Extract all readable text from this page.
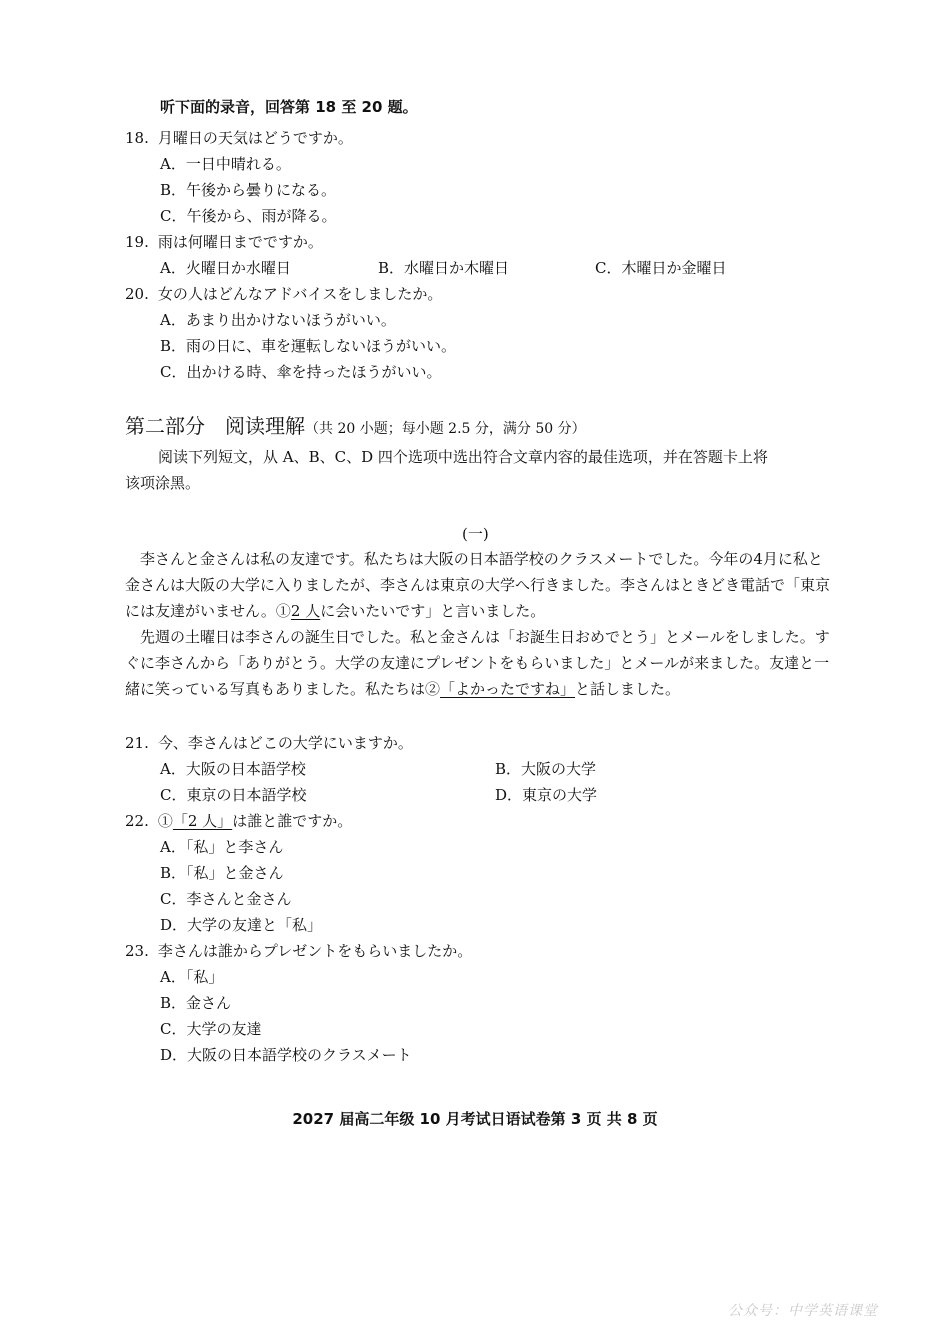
听下面的录音，回答第 18 至 20 题。
18. 月曜日の天気はどうですか。
A．一日中晴れる。
B．午後から曇りになる。
C．午後から、雨が降る。
19. 雨は何曜日までですか。
A．火曜日か水曜日	B．水曜日か木曜日	C．木曜日か金曜日
20. 女の人はどんなアドバイスをしましたか。
A．あまり出かけないほうがいい。
B．雨の日に、車を運転しないほうがいい。
C．出かける時、傘を持ったほうがいい。
第二部分　阅读理解（共 20 小题；每小题 2.5 分，满分 50 分）
阅读下列短文，从 A、B、C、D 四个选项中选出符合文章内容的最佳选项，并在答题卡上将
该项涂黑。
(一)
李さんと金さんは私の友達です。私たちは大阪の日本語学校のクラスメートでした。今年の4月に私と金さんは大阪の大学に入りましたが、李さんは東京の大学へ行きました。李さんはときどき電話で「東京には友達がいません。①2 人に会いたいです」と言いました。
先週の土曜日は李さんの誕生日でした。私と金さんは「お誕生日おめでとう」とメールをしました。すぐに李さんから「ありがとう。大学の友達にプレゼントをもらいました」とメールが来ました。友達と一緒に笑っている写真もありました。私たちは②「よかったですね」と話しました。
21. 今、李さんはどこの大学にいますか。
A．大阪の日本語学校	B．大阪の大学
C．東京の日本語学校	D．東京の大学
22. ①「2 人」は誰と誰ですか。
A．「私」と李さん
B．「私」と金さん
C．李さんと金さん
D．大学の友達と「私」
23. 李さんは誰からプレゼントをもらいましたか。
A．「私」
B．金さん
C．大学の友達
D．大阪の日本語学校のクラスメート
2027 届高二年级 10 月考试日语试卷第 3 页 共 8 页
公众号：中学英语课堂
